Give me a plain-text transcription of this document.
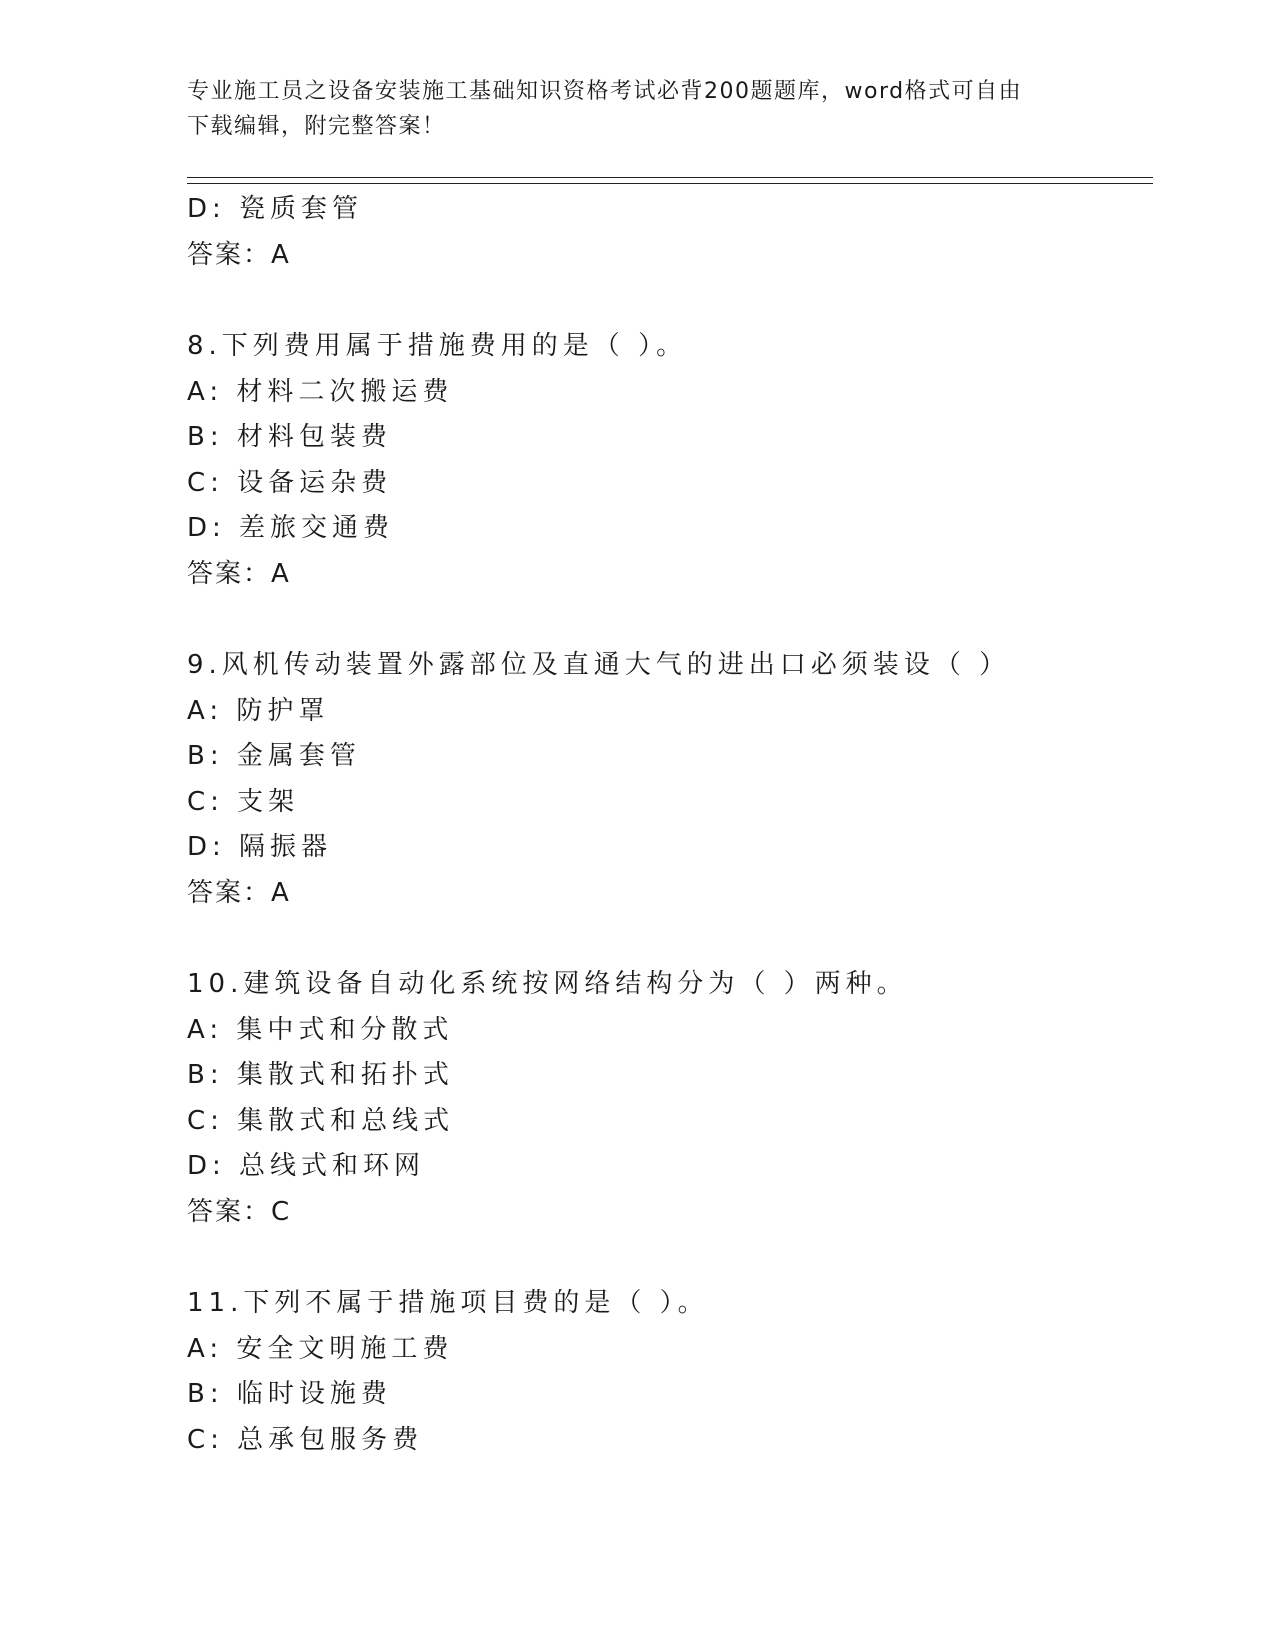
专业施工员之设备安装施工基础知识资格考试必背200题题库，word格式可自由
下载编辑，附完整答案！
D: 瓷质套管
答案：A
8.下列费用属于措施费用的是（ ）。
A: 材料二次搬运费
B: 材料包装费
C: 设备运杂费
D: 差旅交通费
答案：A
9.风机传动装置外露部位及直通大气的进出口必须装设（ ）
A: 防护罩
B: 金属套管
C: 支架
D: 隔振器
答案：A
10.建筑设备自动化系统按网络结构分为（ ）两种。
A: 集中式和分散式
B: 集散式和拓扑式
C: 集散式和总线式
D: 总线式和环网
答案：C
11.下列不属于措施项目费的是（ ）。
A: 安全文明施工费
B: 临时设施费
C: 总承包服务费
